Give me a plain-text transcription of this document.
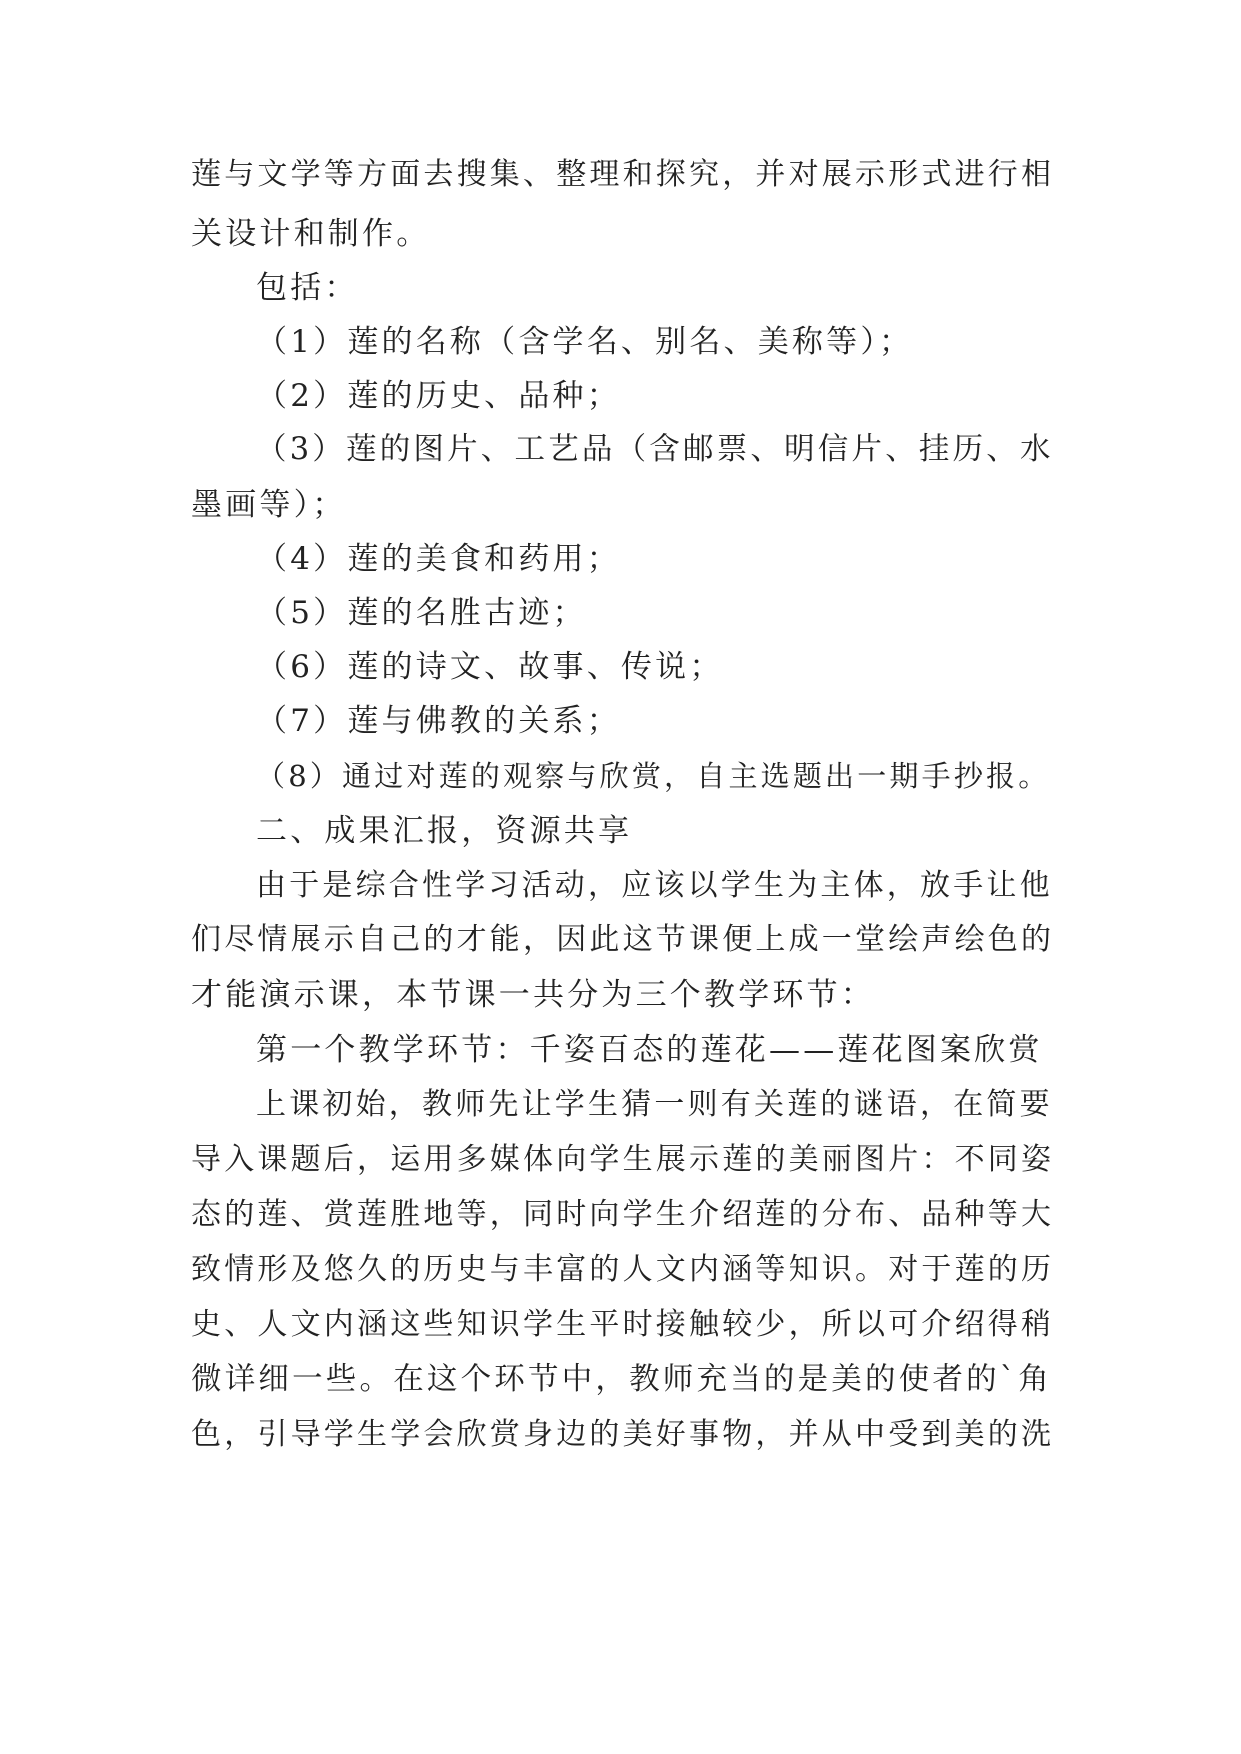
莲与文学等方面去搜集、整理和探究，并对展示形式进行相
关设计和制作。
包括：
（1）莲的名称（含学名、别名、美称等）；
（2）莲的历史、品种；
（3）莲的图片、工艺品（含邮票、明信片、挂历、水
墨画等）；
（4）莲的美食和药用；
（5）莲的名胜古迹；
（6）莲的诗文、故事、传说；
（7）莲与佛教的关系；
（8）通过对莲的观察与欣赏，自主选题出一期手抄报。
二、成果汇报，资源共享
由于是综合性学习活动，应该以学生为主体，放手让他
们尽情展示自己的才能，因此这节课便上成一堂绘声绘色的
才能演示课，本节课一共分为三个教学环节：
第一个教学环节：千姿百态的莲花——莲花图案欣赏
上课初始，教师先让学生猜一则有关莲的谜语，在简要
导入课题后，运用多媒体向学生展示莲的美丽图片：不同姿
态的莲、赏莲胜地等，同时向学生介绍莲的分布、品种等大
致情形及悠久的历史与丰富的人文内涵等知识。对于莲的历
史、人文内涵这些知识学生平时接触较少，所以可介绍得稍
微详细一些。在这个环节中，教师充当的是美的使者的`角
色，引导学生学会欣赏身边的美好事物，并从中受到美的洗
